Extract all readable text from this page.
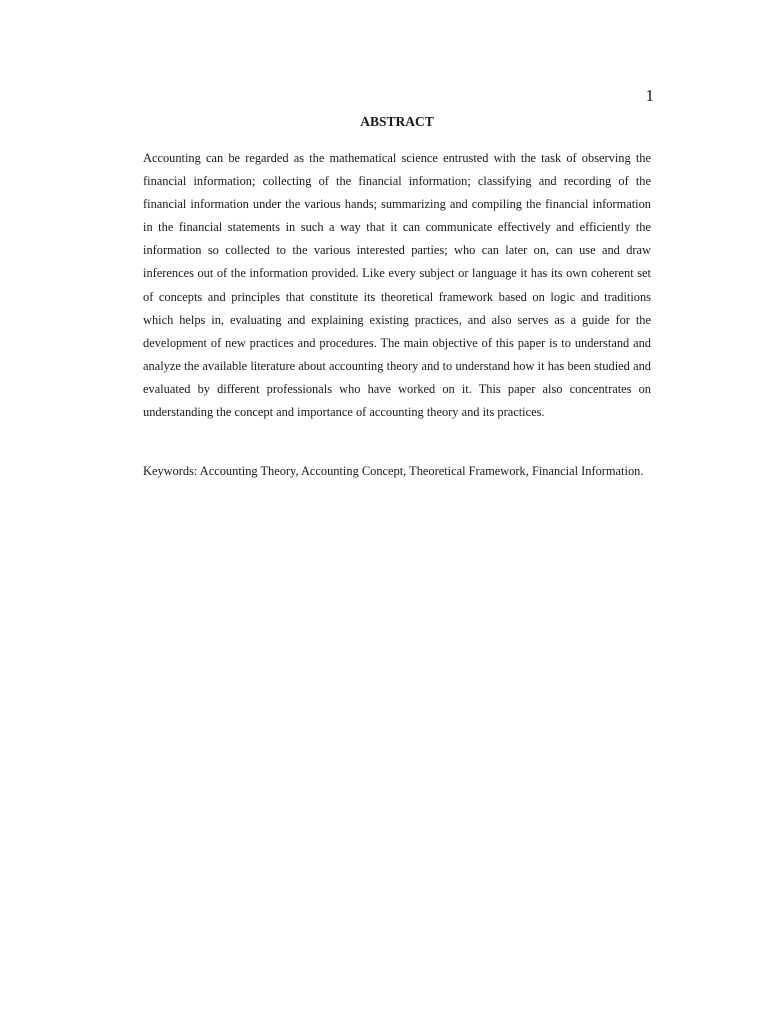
1
ABSTRACT

Accounting can be regarded as the mathematical science entrusted with the task of observing the financial information; collecting of the financial information; classifying and recording of the financial information under the various hands; summarizing and compiling the financial information in the financial statements in such a way that it can communicate effectively and efficiently the information so collected to the various interested parties; who can later on, can use and draw inferences out of the information provided. Like every subject or language it has its own coherent set of concepts and principles that constitute its theoretical framework based on logic and traditions which helps in, evaluating and explaining existing practices, and also serves as a guide for the development of new practices and procedures. The main objective of this paper is to understand and analyze the available literature about accounting theory and to understand how it has been studied and evaluated by different professionals who have worked on it. This paper also concentrates on understanding the concept and importance of accounting theory and its practices.

Keywords: Accounting Theory, Accounting Concept, Theoretical Framework, Financial Information.
